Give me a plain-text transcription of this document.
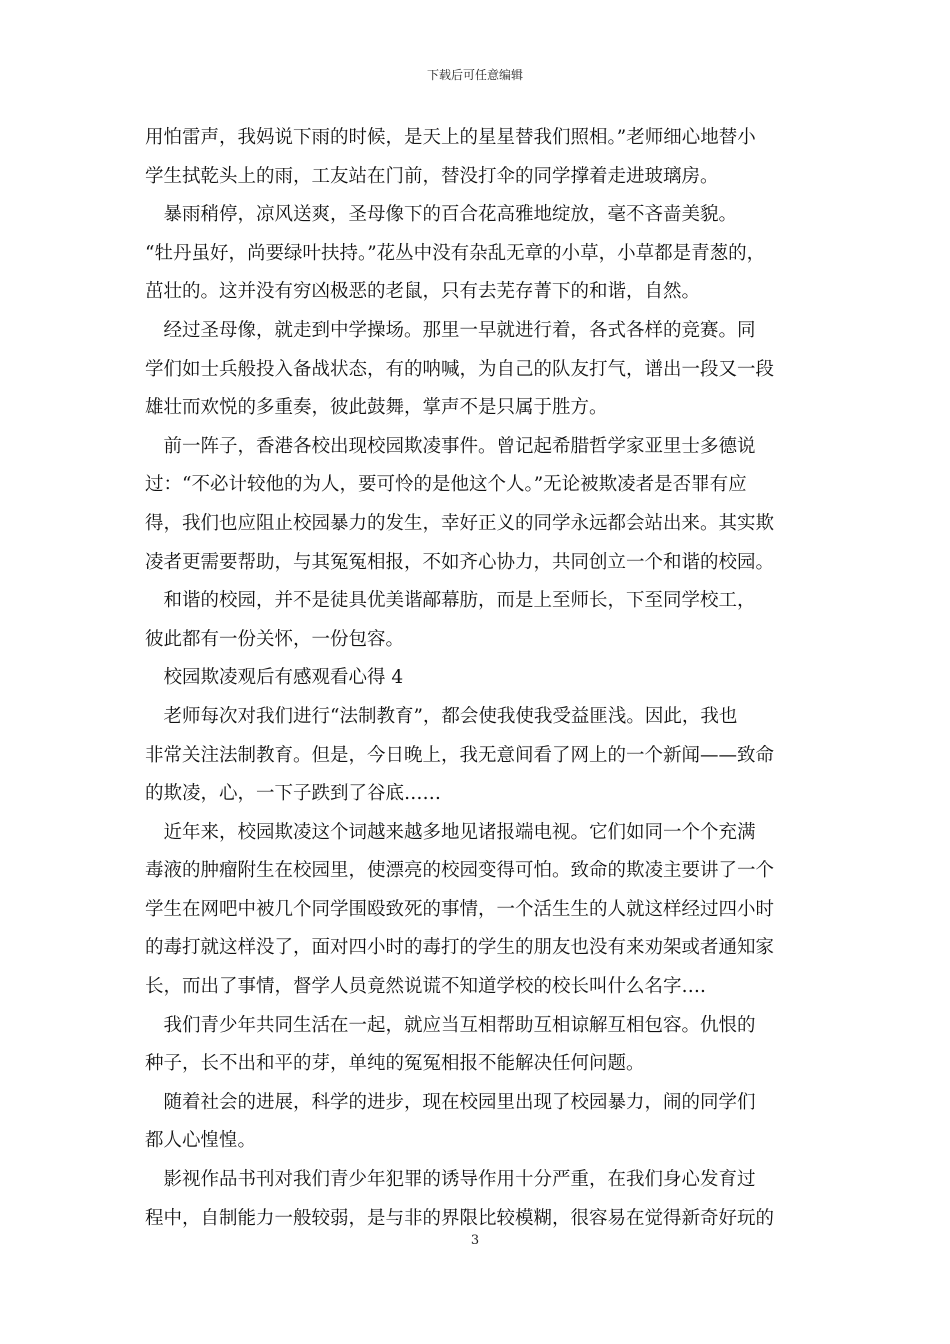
下载后可任意编辑
用怕雷声，我妈说下雨的时候，是天上的星星替我们照相。”老师细心地替小
学生拭乾头上的雨，工友站在门前，替没打伞的同学撑着走进玻璃房。
　暴雨稍停，凉风送爽，圣母像下的百合花高雅地绽放，毫不吝啬美貌。
“牡丹虽好，尚要绿叶扶持。”花丛中没有杂乱无章的小草，小草都是青葱的，
茁壮的。这并没有穷凶极恶的老鼠，只有去芜存菁下的和谐，自然。
　经过圣母像，就走到中学操场。那里一早就进行着，各式各样的竞赛。同
学们如士兵般投入备战状态，有的呐喊，为自己的队友打气，谱出一段又一段
雄壮而欢悦的多重奏，彼此鼓舞，掌声不是只属于胜方。
　前一阵子，香港各校出现校园欺凌事件。曾记起希腊哲学家亚里士多德说
过：“不必计较他的为人，要可怜的是他这个人。”无论被欺凌者是否罪有应
得，我们也应阻止校园暴力的发生，幸好正义的同学永远都会站出来。其实欺
凌者更需要帮助，与其冤冤相报，不如齐心协力，共同创立一个和谐的校园。
　和谐的校园，并不是徒具优美谐鄗幕肪，而是上至师长，下至同学校工，
彼此都有一份关怀，一份包容。
　校园欺凌观后有感观看心得 4
　老师每次对我们进行“法制教育”，都会使我使我受益匪浅。因此，我也
非常关注法制教育。但是，今日晚上，我无意间看了网上的一个新闻——致命
的欺凌，心，一下子跌到了谷底……
　近年来，校园欺凌这个词越来越多地见诸报端电视。它们如同一个个充满
毒液的肿瘤附生在校园里，使漂亮的校园变得可怕。致命的欺凌主要讲了一个
学生在网吧中被几个同学围殴致死的事情，一个活生生的人就这样经过四小时
的毒打就这样没了，面对四小时的毒打的学生的朋友也没有来劝架或者通知家
长，而出了事情，督学人员竟然说谎不知道学校的校长叫什么名字….
　我们青少年共同生活在一起，就应当互相帮助互相谅解互相包容。仇恨的
种子，长不出和平的芽，单纯的冤冤相报不能解决任何问题。
　随着社会的进展，科学的进步，现在校园里出现了校园暴力，闹的同学们
都人心惶惶。
　影视作品书刊对我们青少年犯罪的诱导作用十分严重，在我们身心发育过
程中，自制能力一般较弱，是与非的界限比较模糊，很容易在觉得新奇好玩的
3
